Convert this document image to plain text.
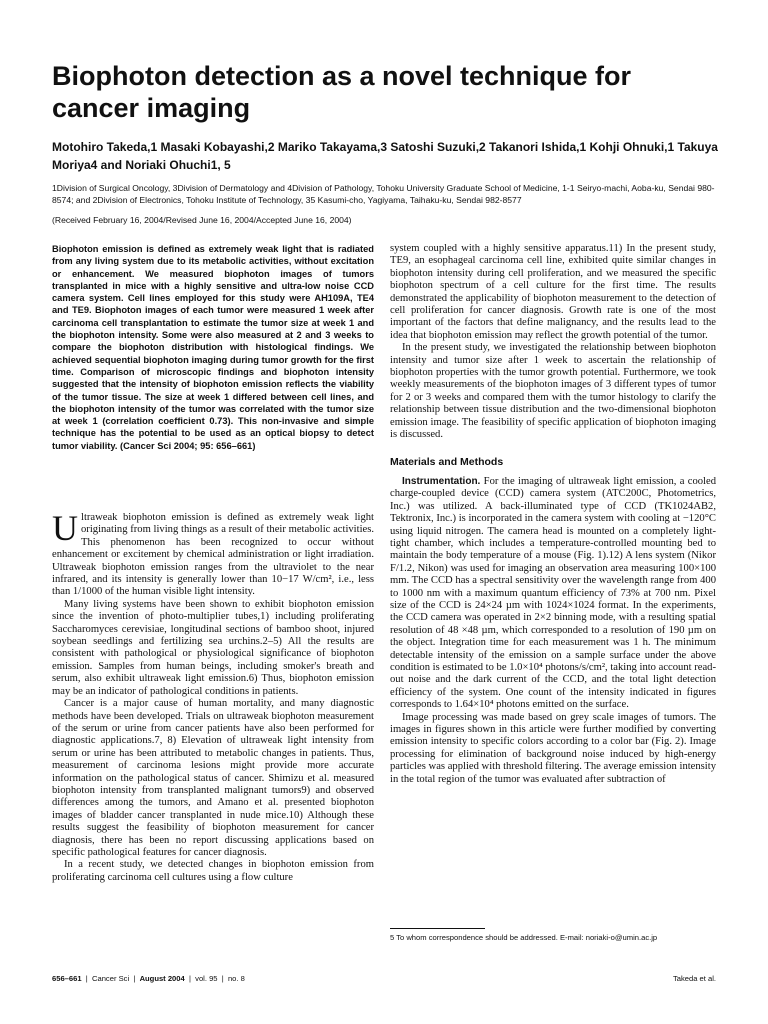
Biophoton detection as a novel technique for cancer imaging
Motohiro Takeda,1 Masaki Kobayashi,2 Mariko Takayama,3 Satoshi Suzuki,2 Takanori Ishida,1 Kohji Ohnuki,1 Takuya Moriya4 and Noriaki Ohuchi1, 5
1Division of Surgical Oncology, 3Division of Dermatology and 4Division of Pathology, Tohoku University Graduate School of Medicine, 1-1 Seiryo-machi, Aoba-ku, Sendai 980-8574; and 2Division of Electronics, Tohoku Institute of Technology, 35 Kasumi-cho, Yagiyama, Taihaku-ku, Sendai 982-8577
(Received February 16, 2004/Revised June 16, 2004/Accepted June 16, 2004)

Biophoton emission is defined as extremely weak light that is radiated from any living system due to its metabolic activities, without excitation or enhancement. We measured biophoton images of tumors transplanted in mice with a highly sensitive and ultra-low noise CCD camera system. Cell lines employed for this study were AH109A, TE4 and TE9. Biophoton images of each tumor were measured 1 week after carcinoma cell transplantation to estimate the tumor size at week 1 and the biophoton intensity. Some were also measured at 2 and 3 weeks to compare the biophoton distribution with histological findings. We achieved sequential biophoton imaging during tumor growth for the first time. Comparison of microscopic findings and biophoton intensity suggested that the intensity of biophoton emission reflects the viability of the tumor tissue. The size at week 1 differed between cell lines, and the biophoton intensity of the tumor was correlated with the tumor size at week 1 (correlation coefficient 0.73). This non-invasive and simple technique has the potential to be used as an optical biopsy to detect tumor viability. (Cancer Sci 2004; 95: 656–661)

Ultraweak biophoton emission is defined as extremely weak light originating from living things as a result of their metabolic activities. This phenomenon has been recognized to occur without enhancement or excitement by chemical administration or light irradiation. Ultraweak biophoton emission ranges from the ultraviolet to the near infrared, and its intensity is generally lower than 10−17 W/cm², i.e., less than 1/1000 of the human visible light intensity.

Many living systems have been shown to exhibit biophoton emission since the invention of photo-multiplier tubes,1) including proliferating Saccharomyces cerevisiae, longitudinal sections of bamboo shoot, injured soybean seedlings and fertilizing sea urchins.2–5) All the results are consistent with pathological or physiological significance of biophoton emission. Samples from human beings, including smoker's breath and serum, also exhibit ultraweak light emission.6) Thus, biophoton emission may be an indicator of pathological conditions in patients.

Cancer is a major cause of human mortality, and many diagnostic methods have been developed. Trials on ultraweak biophoton measurement of the serum or urine from cancer patients have also been performed for diagnostic applications.7, 8) Elevation of ultraweak light intensity from serum or urine has been attributed to metabolic changes in patients. Thus, measurement of carcinoma lesions might provide more accurate information on the pathological status of cancer. Shimizu et al. measured biophoton intensity from transplanted malignant tumors9) and observed differences among the tumors, and Amano et al. presented biophoton images of bladder cancer transplanted in nude mice.10) Although these results suggest the feasibility of biophoton measurement for cancer diagnosis, there has been no report discussing applications based on specific pathological features for cancer diagnosis.

In a recent study, we detected changes in biophoton emission from proliferating carcinoma cell cultures using a flow culture

system coupled with a highly sensitive apparatus.11) In the present study, TE9, an esophageal carcinoma cell line, exhibited quite similar changes in biophoton intensity during cell proliferation, and we measured the specific biophoton spectrum of a cell culture for the first time. The results demonstrated the applicability of biophoton measurement to the detection of cell proliferation for cancer diagnosis. Growth rate is one of the most important of the factors that define malignancy, and the results lead to the idea that biophoton emission may reflect the growth potential of the tumor.

In the present study, we investigated the relationship between biophoton intensity and tumor size after 1 week to ascertain the relationship of biophoton properties with the tumor growth potential. Furthermore, we took weekly measurements of the biophoton images of 3 different types of tumor for 2 or 3 weeks and compared them with the tumor histology to clarify the relationship between tissue distribution and the two-dimensional biophoton emission image. The feasibility of specific application of biophoton imaging is discussed.

Materials and Methods

Instrumentation. For the imaging of ultraweak light emission, a cooled charge-coupled device (CCD) camera system (ATC200C, Photometrics, Inc.) was utilized. A back-illuminated type of CCD (TK1024AB2, Tektronix, Inc.) is incorporated in the camera system with cooling at −120°C using liquid nitrogen. The camera head is mounted on a completely light-tight chamber, which includes a temperature-controlled mounting bed to maintain the body temperature of a mouse (Fig. 1).12) A lens system (Nikor F/1.2, Nikon) was used for imaging an observation area measuring 100×100 mm. The CCD has a spectral sensitivity over the wavelength range from 400 to 1000 nm with a maximum quantum efficiency of 73% at 700 nm. Pixel size of the CCD is 24×24 µm with 1024×1024 format. In the experiments, the CCD camera was operated in 2×2 binning mode, with a resulting spatial resolution of 48 ×48 µm, which corresponded to a resolution of 190 µm on the object. Integration time for each measurement was 1 h. The minimum detectable intensity of the emission on a sample surface under the above condition is estimated to be 1.0×10⁴ photons/s/cm², taking into account read-out noise and the dark current of the CCD, and the total light detection efficiency of the system. One count of the intensity indicated in figures corresponds to 1.64×10⁴ photons emitted on the surface.

Image processing was made based on grey scale images of tumors. The images in figures shown in this article were further modified by converting emission intensity to specific colors according to a color bar (Fig. 2). Image processing for elimination of background noise induced by high-energy particles was applied with threshold filtering. The average emission intensity in the total region of the tumor was evaluated after subtraction of

5 To whom correspondence should be addressed. E-mail: noriaki-o@umin.ac.jp
656–661  |  Cancer Sci  |  August 2004  |  vol. 95  |  no. 8	Takeda et al.
